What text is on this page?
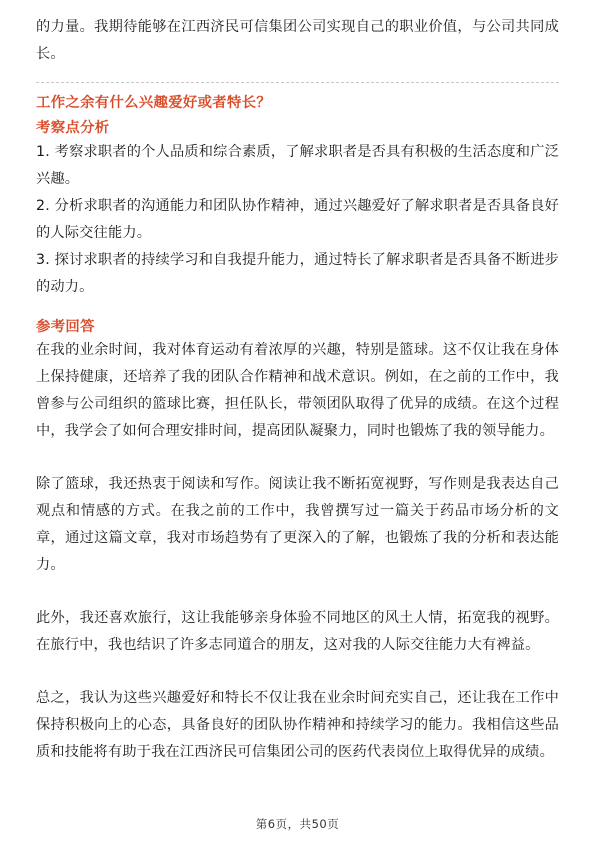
的力量。我期待能够在江西济民可信集团公司实现自己的职业价值，与公司共同成长。

工作之余有什么兴趣爱好或者特长？
考察点分析
1. 考察求职者的个人品质和综合素质，了解求职者是否具有积极的生活态度和广泛兴趣。
2. 分析求职者的沟通能力和团队协作精神，通过兴趣爱好了解求职者是否具备良好的人际交往能力。
3. 探讨求职者的持续学习和自我提升能力，通过特长了解求职者是否具备不断进步的动力。
参考回答

在我的业余时间，我对体育运动有着浓厚的兴趣，特别是篮球。这不仅让我在身体上保持健康，还培养了我的团队合作精神和战术意识。例如，在之前的工作中，我曾参与公司组织的篮球比赛，担任队长，带领团队取得了优异的成绩。在这个过程中，我学会了如何合理安排时间，提高团队凝聚力，同时也锻炼了我的领导能力。

除了篮球，我还热衷于阅读和写作。阅读让我不断拓宽视野，写作则是我表达自己观点和情感的方式。在我之前的工作中，我曾撰写过一篇关于药品市场分析的文章，通过这篇文章，我对市场趋势有了更深入的了解，也锻炼了我的分析和表达能力。

此外，我还喜欢旅行，这让我能够亲身体验不同地区的风土人情，拓宽我的视野。在旅行中，我也结识了许多志同道合的朋友，这对我的人际交往能力大有裨益。

总之，我认为这些兴趣爱好和特长不仅让我在业余时间充实自己，还让我在工作中保持积极向上的心态，具备良好的团队协作精神和持续学习的能力。我相信这些品质和技能将有助于我在江西济民可信集团公司的医药代表岗位上取得优异的成绩。

第6页，共50页
